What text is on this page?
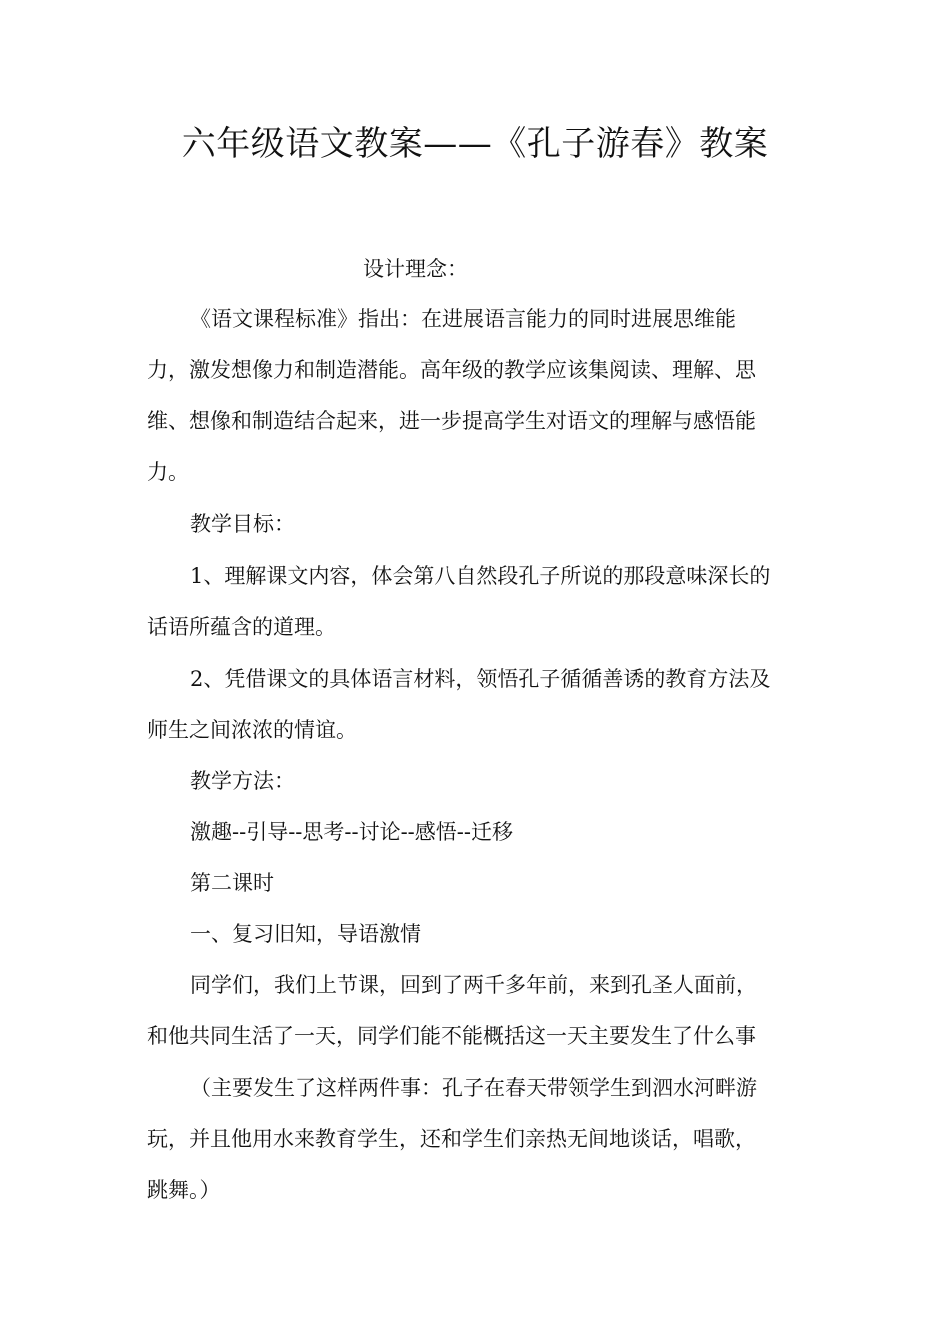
六年级语文教案——《孔子游春》教案
设计理念：
《语文课程标准》指出：在进展语言能力的同时进展思维能
力，激发想像力和制造潜能。高年级的教学应该集阅读、理解、思
维、想像和制造结合起来，进一步提高学生对语文的理解与感悟能
力。
教学目标：
1、理解课文内容，体会第八自然段孔子所说的那段意味深长的
话语所蕴含的道理。
2、凭借课文的具体语言材料，领悟孔子循循善诱的教育方法及
师生之间浓浓的情谊。
教学方法：
激趣--引导--思考--讨论--感悟--迁移
第二课时
一、复习旧知，导语激情
同学们，我们上节课，回到了两千多年前，来到孔圣人面前，
和他共同生活了一天，同学们能不能概括这一天主要发生了什么事
（主要发生了这样两件事：孔子在春天带领学生到泗水河畔游
玩，并且他用水来教育学生，还和学生们亲热无间地谈话，唱歌，
跳舞。）
